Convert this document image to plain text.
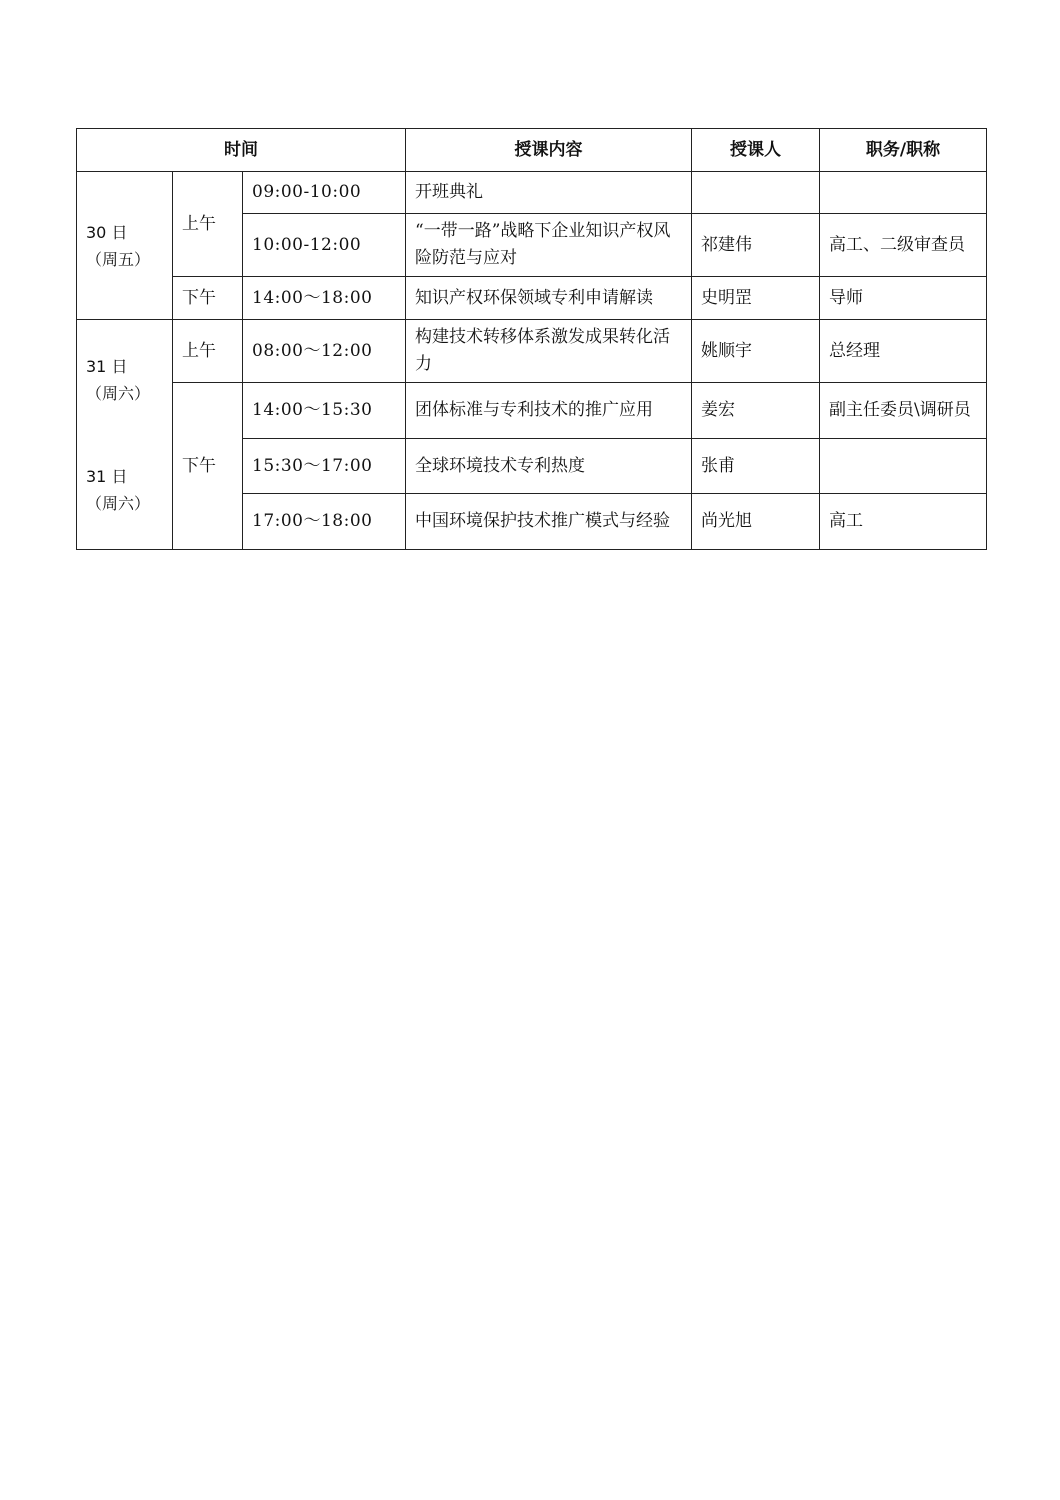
时间			授课内容	授课人	职务/职称

30 日
（周五）	上午	09:00-10:00	开班典礼		
		10:00-12:00	“一带一路”战略下企业知识产权风险防范与应对	祁建伟	高工、二级审查员
	下午	14:00～18:00	知识产权环保领域专利申请解读	史明罡	导师

31 日
（周六）
31 日
（周六）	上午	08:00～12:00	构建技术转移体系激发成果转化活力	姚顺宇	总经理
	下午	14:00～15:30	团体标准与专利技术的推广应用	姜宏	副主任委员\调研员
		15:30～17:00	全球环境技术专利热度	张甫	
		17:00～18:00	中国环境保护技术推广模式与经验	尚光旭	高工
